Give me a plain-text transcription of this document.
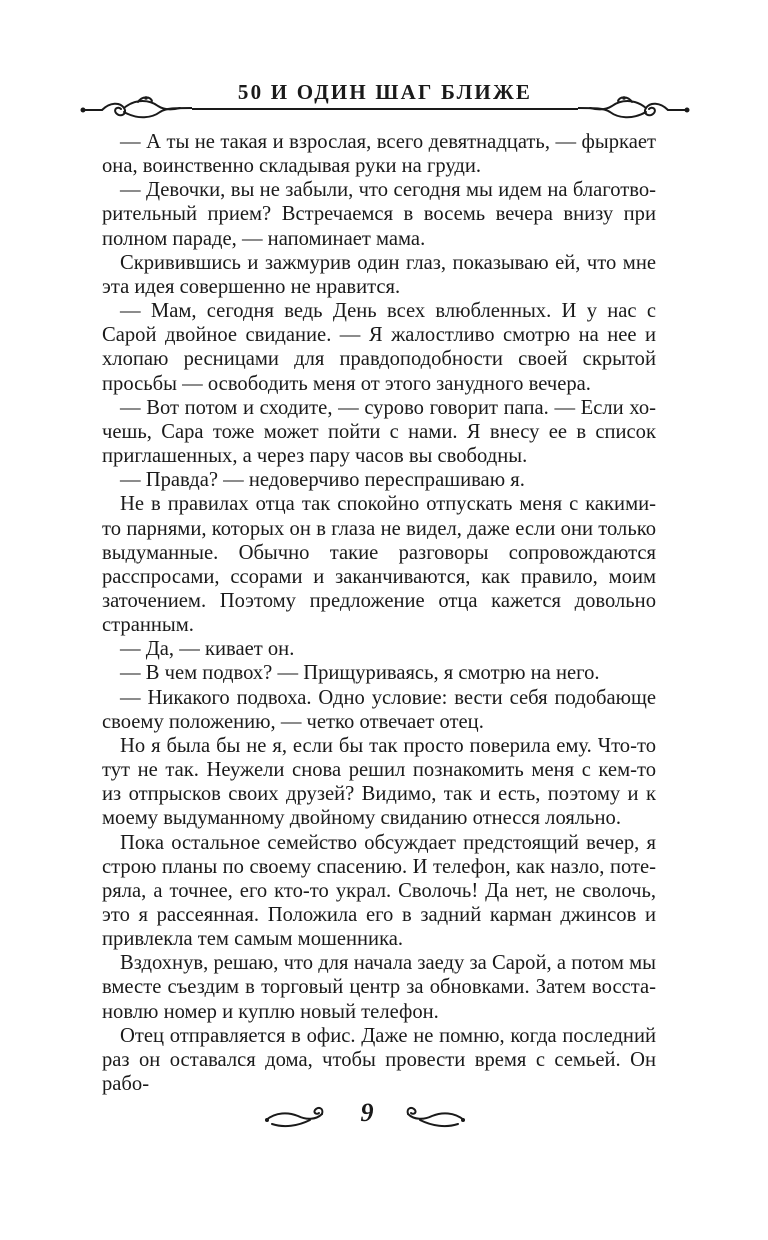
50 И ОДИН ШАГ БЛИЖЕ

— А ты не такая и взрослая, всего девятнадцать, — фыркает она, воинственно складывая руки на груди.

— Девочки, вы не забыли, что сегодня мы идем на благотворительный прием? Встречаемся в восемь вечера внизу при полном параде, — напоминает мама.

Скривившись и зажмурив один глаз, показываю ей, что мне эта идея совершенно не нравится.

— Мам, сегодня ведь День всех влюбленных. И у нас с Сарой двойное свидание. — Я жалостливо смотрю на нее и хлопаю ресницами для правдоподобности своей скрытой просьбы — освободить меня от этого занудного вечера.

— Вот потом и сходите, — сурово говорит папа. — Если хочешь, Сара тоже может пойти с нами. Я внесу ее в список приглашенных, а через пару часов вы свободны.

— Правда? — недоверчиво переспрашиваю я.

Не в правилах отца так спокойно отпускать меня с какими-то парнями, которых он в глаза не видел, даже если они только выдуманные. Обычно такие разговоры сопровождаются расспросами, ссорами и заканчиваются, как правило, моим заточением. Поэтому предложение отца кажется довольно странным.

— Да, — кивает он.

— В чем подвох? — Прищуриваясь, я смотрю на него.

— Никакого подвоха. Одно условие: вести себя подобающе своему положению, — четко отвечает отец.

Но я была бы не я, если бы так просто поверила ему. Что-то тут не так. Неужели снова решил познакомить меня с кем-то из отпрысков своих друзей? Видимо, так и есть, поэтому и к моему выдуманному двойному свиданию отнесся лояльно.

Пока остальное семейство обсуждает предстоящий вечер, я строю планы по своему спасению. И телефон, как назло, потеряла, а точнее, его кто-то украл. Сволочь! Да нет, не сволочь, это я рассеянная. Положила его в задний карман джинсов и привлекла тем самым мошенника.

Вздохнув, решаю, что для начала заеду за Сарой, а потом мы вместе съездим в торговый центр за обновками. Затем восстановлю номер и куплю новый телефон.

Отец отправляется в офис. Даже не помню, когда последний раз он оставался дома, чтобы провести время с семьей. Он рабо-

9
